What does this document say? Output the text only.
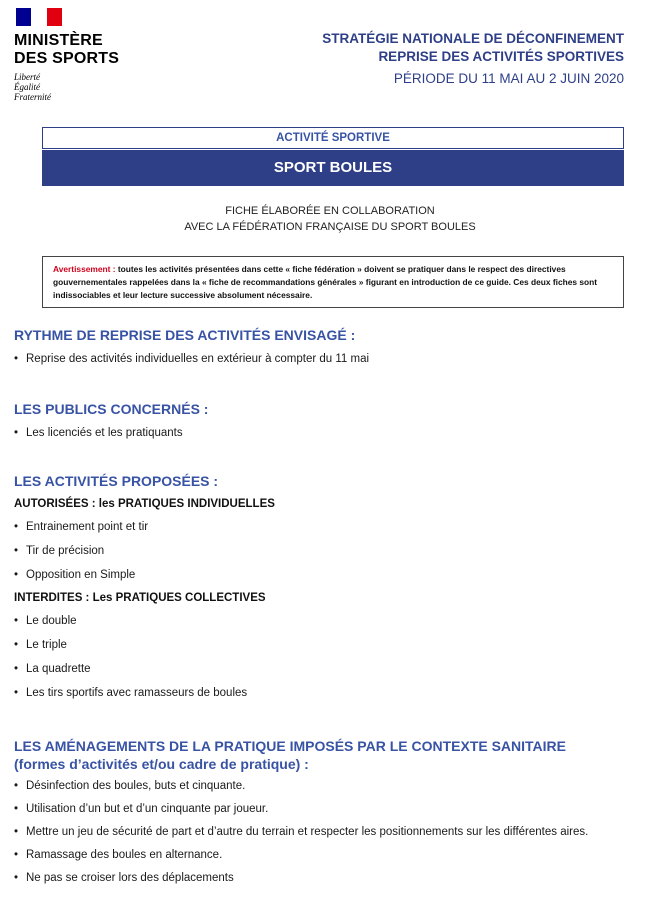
MINISTÈRE
DES SPORTS
Liberté
Égalité
Fraternité
STRATÉGIE NATIONALE DE DÉCONFINEMENT
REPRISE DES ACTIVITÉS SPORTIVES
PÉRIODE DU 11 MAI AU 2 JUIN 2020
ACTIVITÉ SPORTIVE
SPORT BOULES
FICHE ÉLABORÉE EN COLLABORATION
AVEC LA FÉDÉRATION FRANÇAISE DU SPORT BOULES
Avertissement : toutes les activités présentées dans cette « fiche fédération » doivent se pratiquer dans le respect des directives gouvernementales rappelées dans la « fiche de recommandations générales » figurant en introduction de ce guide. Ces deux fiches sont indissociables et leur lecture successive absolument nécessaire.
RYTHME DE REPRISE DES ACTIVITÉS ENVISAGÉ :
• Reprise des activités individuelles en extérieur à compter du 11 mai
LES PUBLICS CONCERNÉS :
• Les licenciés et les pratiquants
LES ACTIVITÉS PROPOSÉES :
AUTORISÉES : les PRATIQUES INDIVIDUELLES
• Entrainement point et tir
• Tir de précision
• Opposition en Simple
INTERDITES : Les PRATIQUES COLLECTIVES
• Le double
• Le triple
• La quadrette
• Les tirs sportifs avec ramasseurs de boules
LES AMÉNAGEMENTS DE LA PRATIQUE IMPOSÉS PAR LE CONTEXTE SANITAIRE
(formes d’activités et/ou cadre de pratique) :
• Désinfection des boules, buts et cinquante.
• Utilisation d’un but et d’un cinquante par joueur.
• Mettre un jeu de sécurité de part et d’autre du terrain et respecter les positionnements sur les différentes aires.
• Ramassage des boules en alternance.
• Ne pas se croiser lors des déplacements
